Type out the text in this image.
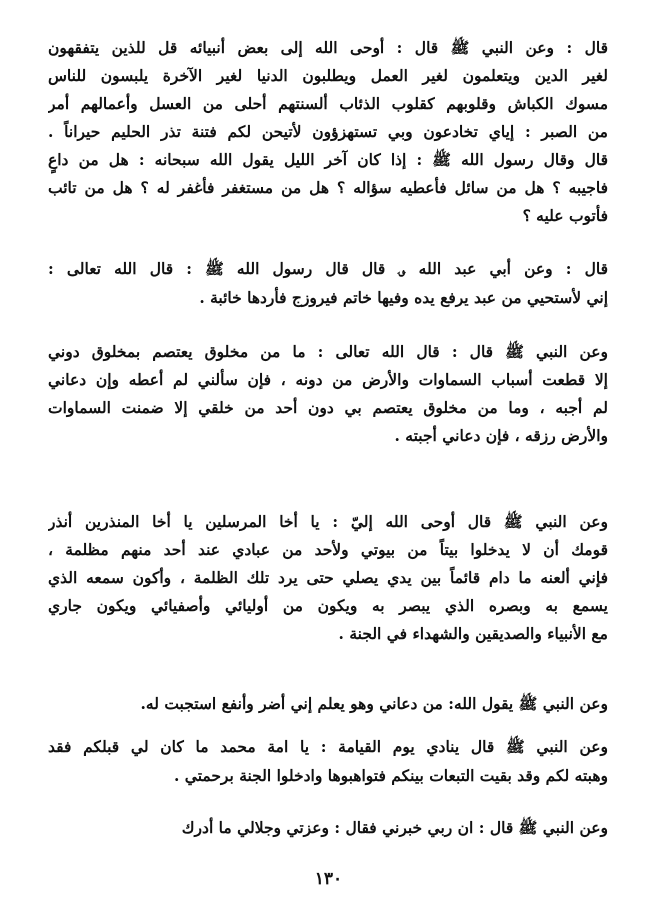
قال : وعن النبي ﷺ قال : أوحى الله إلى بعض أنبيائه قل للذين يتفقهون
لغير الدين ويتعلمون لغير العمل ويطلبون الدنيا لغير الآخرة يلبسون للناس
مسوك الكباش وقلوبهم كقلوب الذئاب ألسنتهم أحلى من العسل وأعمالهم أمر
من الصبر : إياي تخادعون وبي تستهزؤون لأتيحن لكم فتنة تذر الحليم حيراناً .
قال وقال رسول الله ﷺ : إذا كان آخر الليل يقول الله سبحانه : هل من داعٍ
فاجيبه ؟ هل من سائل فأعطيه سؤاله ؟ هل من مستغفر فأغفر له ؟ هل من تائب
فأتوب عليه ؟
قال : وعن أبي عبد الله ؈ قال قال رسول الله ﷺ : قال الله تعالى :
إني لأستحيي من عبد يرفع يده وفيها خاتم فيروزج فأردها خائبة .
وعن النبي ﷺ قال : قال الله تعالى : ما من مخلوق يعتصم بمخلوق دوني
إلا قطعت أسباب السماوات والأرض من دونه ، فإن سألني لم أعطه وإن دعاني
لم أجبه ، وما من مخلوق يعتصم بي دون أحد من خلقي إلا ضمنت السماوات
والأرض رزقه ، فإن دعاني أجبته .
وعن النبي ﷺ قال أوحى الله إليّ : يا أخا المرسلين يا أخا المنذرين أنذر
قومك أن لا يدخلوا بيتاً من بيوتي ولأحد من عبادي عند أحد منهم مظلمة ،
فإني ألعنه ما دام قائماً بين يدي يصلي حتى يرد تلك الظلمة ، وأكون سمعه الذي
يسمع به وبصره الذي يبصر به ويكون من أوليائي وأصفيائي ويكون جاري
مع الأنبياء والصديقين والشهداء في الجنة .
وعن النبي ﷺ يقول الله: من دعاني وهو يعلم إني أضر وأنفع استجبت له.
وعن النبي ﷺ قال ينادي يوم القيامة : يا امة محمد ما كان لي قبلكم فقد
وهبته لكم وقد بقيت التبعات بينكم فتواهبوها وادخلوا الجنة برحمتي .
وعن النبي ﷺ قال : ان ربي خبرني فقال : وعزتي وجلالي ما أدرك
١٣٠
